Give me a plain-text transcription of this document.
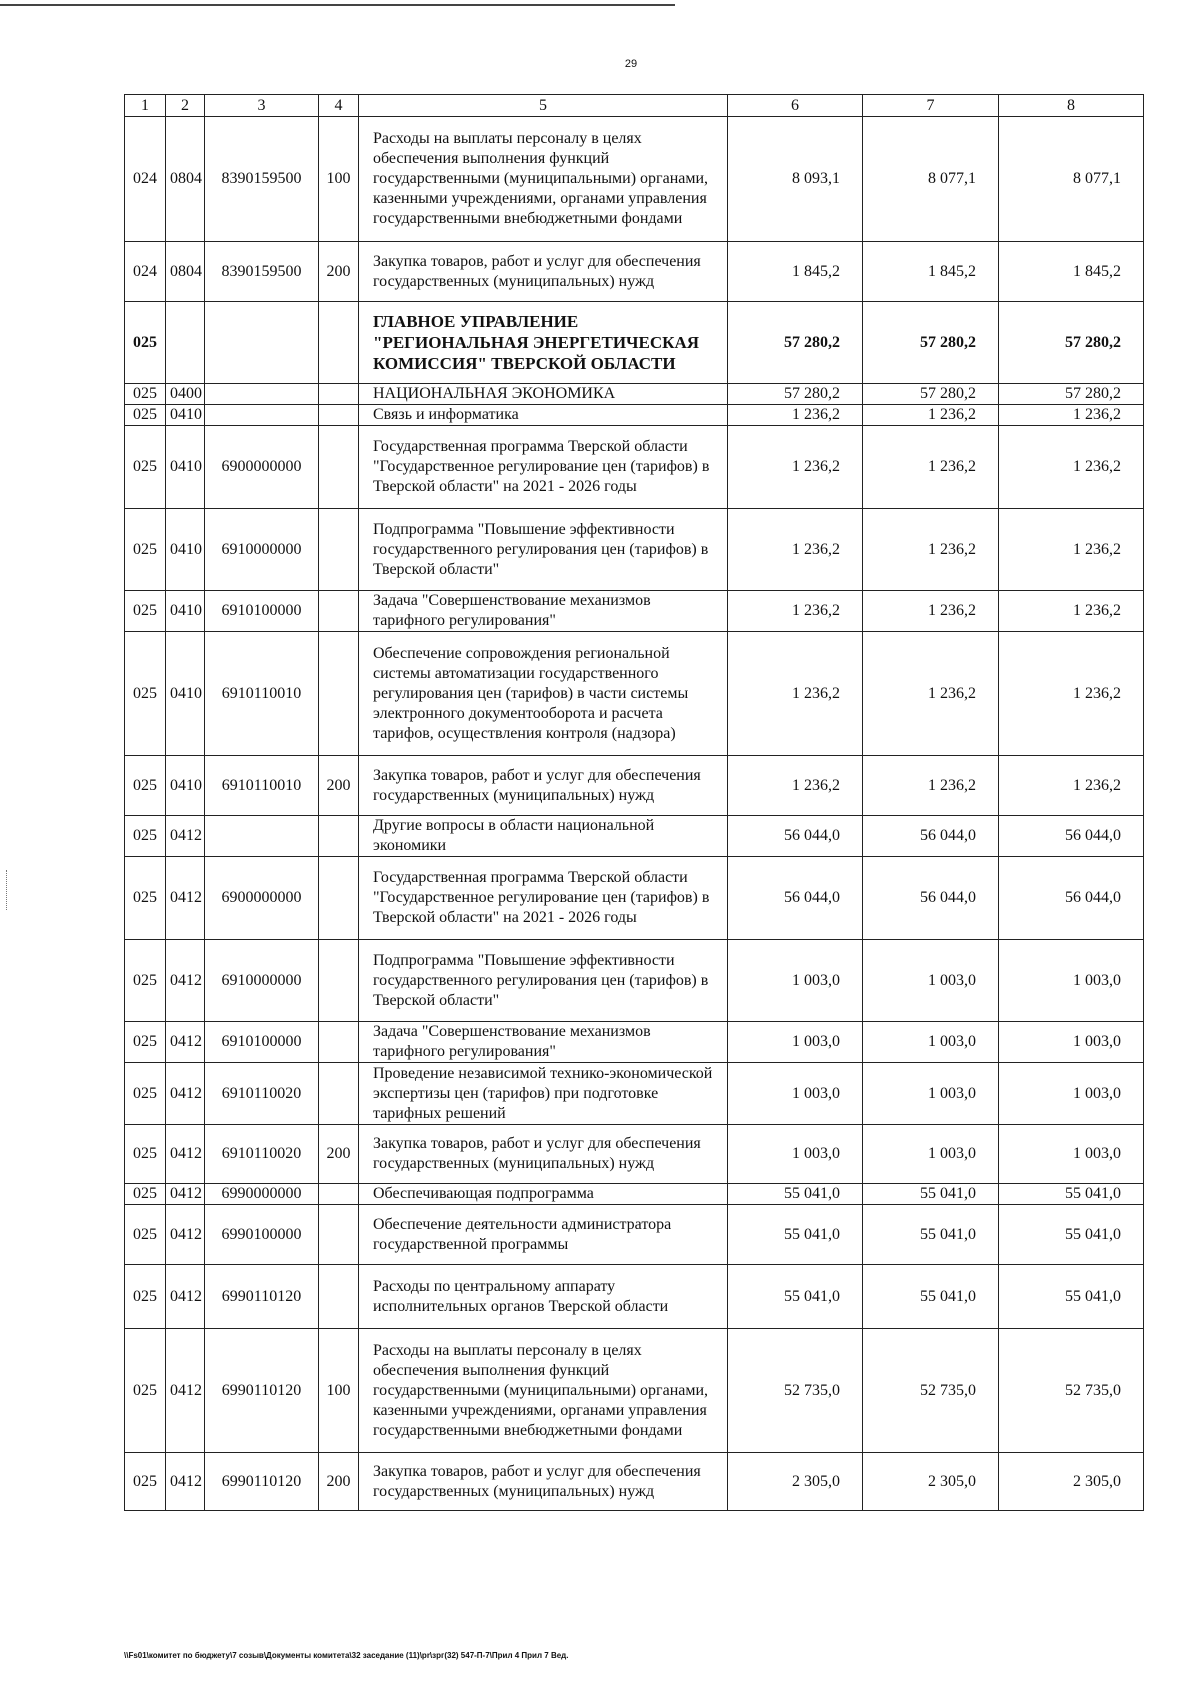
29
1	2	3	4	5	6	7	8
024	0804	8390159500	100	Расходы на выплаты персоналу в целях обеспечения выполнения функций государственными (муниципальными) органами, казенными учреждениями, органами управления государственными внебюджетными фондами	8 093,1	8 077,1	8 077,1
024	0804	8390159500	200	Закупка товаров, работ и услуг для обеспечения государственных (муниципальных) нужд	1 845,2	1 845,2	1 845,2
025				ГЛАВНОЕ УПРАВЛЕНИЕ "РЕГИОНАЛЬНАЯ ЭНЕРГЕТИЧЕСКАЯ КОМИССИЯ" ТВЕРСКОЙ ОБЛАСТИ	57 280,2	57 280,2	57 280,2
025	0400			НАЦИОНАЛЬНАЯ ЭКОНОМИКА	57 280,2	57 280,2	57 280,2
025	0410			Связь и информатика	1 236,2	1 236,2	1 236,2
025	0410	6900000000		Государственная программа Тверской области "Государственное регулирование цен (тарифов) в Тверской области" на 2021 - 2026 годы	1 236,2	1 236,2	1 236,2
025	0410	6910000000		Подпрограмма "Повышение эффективности государственного регулирования цен (тарифов) в Тверской области"	1 236,2	1 236,2	1 236,2
025	0410	6910100000		Задача "Совершенствование механизмов тарифного регулирования"	1 236,2	1 236,2	1 236,2
025	0410	6910110010		Обеспечение сопровождения региональной системы автоматизации государственного регулирования цен (тарифов) в части системы электронного документооборота и расчета тарифов, осуществления контроля (надзора)	1 236,2	1 236,2	1 236,2
025	0410	6910110010	200	Закупка товаров, работ и услуг для обеспечения государственных (муниципальных) нужд	1 236,2	1 236,2	1 236,2
025	0412			Другие вопросы в области национальной экономики	56 044,0	56 044,0	56 044,0
025	0412	6900000000		Государственная программа Тверской области "Государственное регулирование цен (тарифов) в Тверской области" на 2021 - 2026 годы	56 044,0	56 044,0	56 044,0
025	0412	6910000000		Подпрограмма "Повышение эффективности государственного регулирования цен (тарифов) в Тверской области"	1 003,0	1 003,0	1 003,0
025	0412	6910100000		Задача "Совершенствование механизмов тарифного регулирования"	1 003,0	1 003,0	1 003,0
025	0412	6910110020		Проведение независимой технико-экономической экспертизы цен (тарифов) при подготовке тарифных решений	1 003,0	1 003,0	1 003,0
025	0412	6910110020	200	Закупка товаров, работ и услуг для обеспечения государственных (муниципальных) нужд	1 003,0	1 003,0	1 003,0
025	0412	6990000000		Обеспечивающая подпрограмма	55 041,0	55 041,0	55 041,0
025	0412	6990100000		Обеспечение деятельности администратора государственной программы	55 041,0	55 041,0	55 041,0
025	0412	6990110120		Расходы по центральному аппарату исполнительных органов Тверской области	55 041,0	55 041,0	55 041,0
025	0412	6990110120	100	Расходы на выплаты персоналу в целях обеспечения выполнения функций государственными (муниципальными) органами, казенными учреждениями, органами управления государственными внебюджетными фондами	52 735,0	52 735,0	52 735,0
025	0412	6990110120	200	Закупка товаров, работ и услуг для обеспечения государственных (муниципальных) нужд	2 305,0	2 305,0	2 305,0
\\Fs01\комитет по бюджету\7 созыв\Документы комитета\32 заседание (11)\pr\зрг(32) 547-П-7\Прил 4 Прил 7 Вед.
